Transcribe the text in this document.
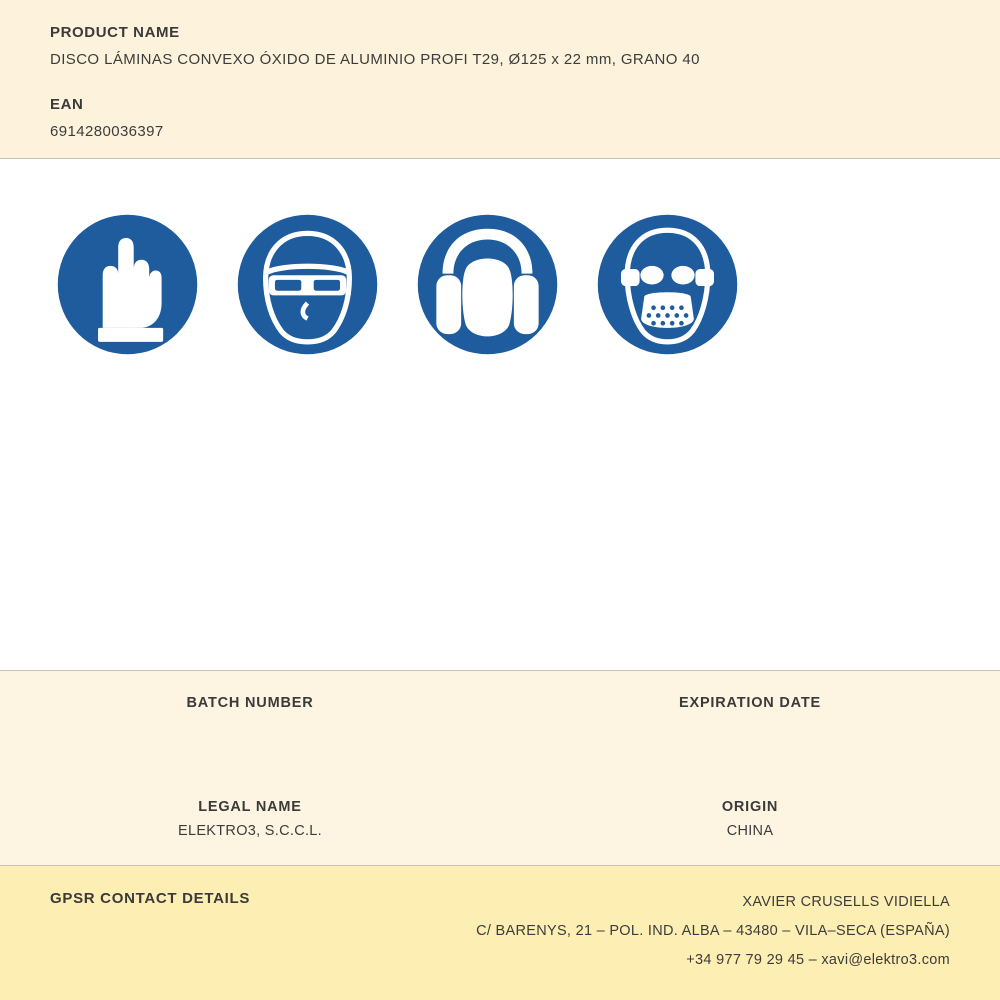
PRODUCT NAME

DISCO LÁMINAS CONVEXO ÓXIDO DE ALUMINIO PROFI T29, Ø125 x 22 mm, GRANO 40

EAN

6914280036397

BATCH NUMBER	EXPIRATION DATE

LEGAL NAME

ELEKTRO3, S.C.C.L.

ORIGIN

CHINA

GPSR CONTACT DETAILS	XAVIER CRUSELLS VIDIELLA
C/ BARENYS, 21 – POL. IND. ALBA – 43480 – VILA–SECA (ESPAÑA)
+34 977 79 29 45 – xavi@elektro3.com
